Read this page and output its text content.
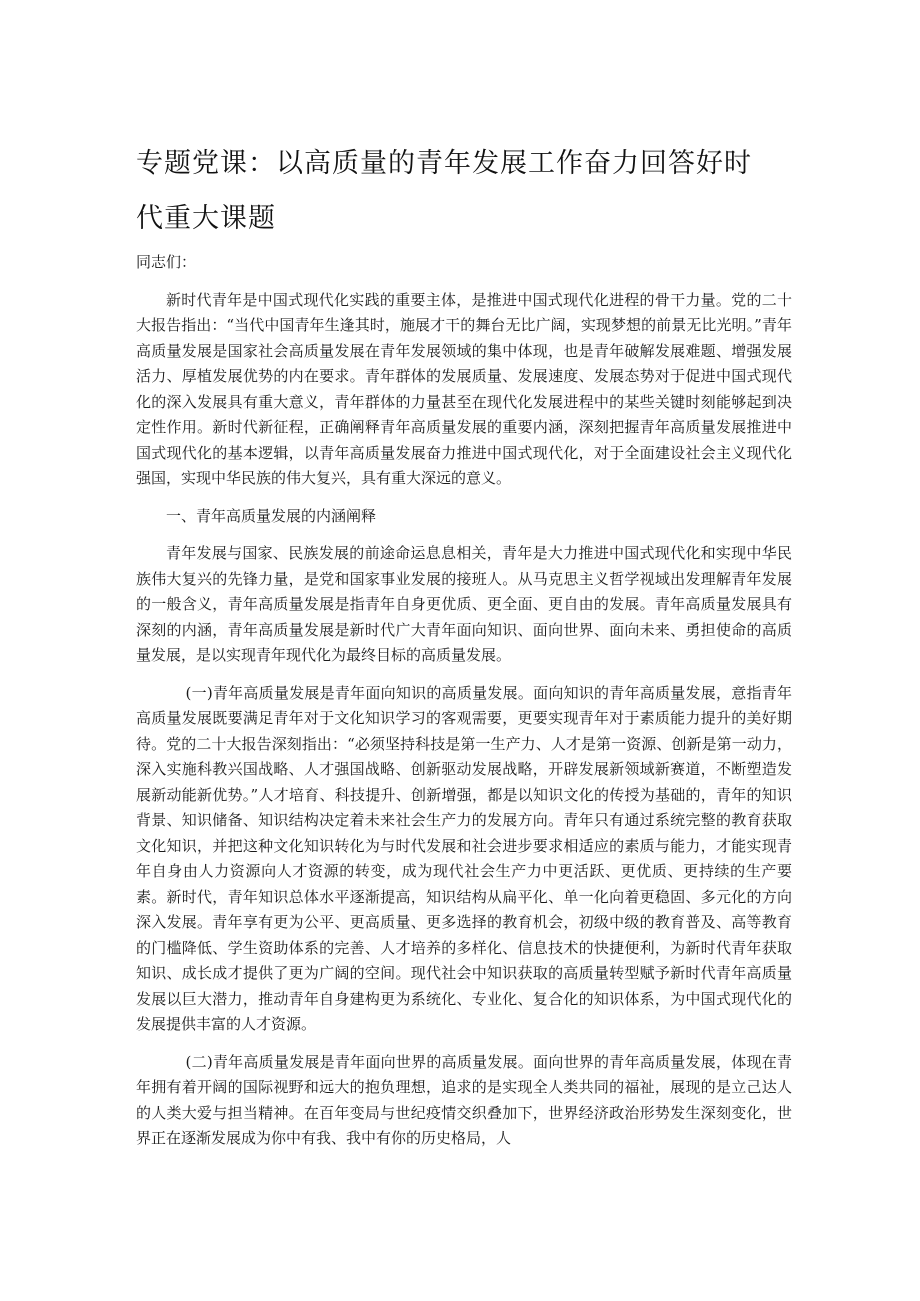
专题党课：以高质量的青年发展工作奋力回答好时
代重大课题

同志们：

新时代青年是中国式现代化实践的重要主体，是推进中国式现代化进程的骨干力量。党的二十大报告指出：“当代中国青年生逢其时，施展才干的舞台无比广阔，实现梦想的前景无比光明。”青年高质量发展是国家社会高质量发展在青年发展领域的集中体现，也是青年破解发展难题、增强发展活力、厚植发展优势的内在要求。青年群体的发展质量、发展速度、发展态势对于促进中国式现代化的深入发展具有重大意义，青年群体的力量甚至在现代化发展进程中的某些关键时刻能够起到决定性作用。新时代新征程，正确阐释青年高质量发展的重要内涵，深刻把握青年高质量发展推进中国式现代化的基本逻辑，以青年高质量发展奋力推进中国式现代化，对于全面建设社会主义现代化强国，实现中华民族的伟大复兴，具有重大深远的意义。

一、青年高质量发展的内涵阐释

青年发展与国家、民族发展的前途命运息息相关，青年是大力推进中国式现代化和实现中华民族伟大复兴的先锋力量，是党和国家事业发展的接班人。从马克思主义哲学视域出发理解青年发展的一般含义，青年高质量发展是指青年自身更优质、更全面、更自由的发展。青年高质量发展具有深刻的内涵，青年高质量发展是新时代广大青年面向知识、面向世界、面向未来、勇担使命的高质量发展，是以实现青年现代化为最终目标的高质量发展。

(一)青年高质量发展是青年面向知识的高质量发展。面向知识的青年高质量发展，意指青年高质量发展既要满足青年对于文化知识学习的客观需要，更要实现青年对于素质能力提升的美好期待。党的二十大报告深刻指出：“必须坚持科技是第一生产力、人才是第一资源、创新是第一动力，深入实施科教兴国战略、人才强国战略、创新驱动发展战略，开辟发展新领域新赛道，不断塑造发展新动能新优势。”人才培育、科技提升、创新增强，都是以知识文化的传授为基础的，青年的知识背景、知识储备、知识结构决定着未来社会生产力的发展方向。青年只有通过系统完整的教育获取文化知识，并把这种文化知识转化为与时代发展和社会进步要求相适应的素质与能力，才能实现青年自身由人力资源向人才资源的转变，成为现代社会生产力中更活跃、更优质、更持续的生产要素。新时代，青年知识总体水平逐渐提高，知识结构从扁平化、单一化向着更稳固、多元化的方向深入发展。青年享有更为公平、更高质量、更多选择的教育机会，初级中级的教育普及、高等教育的门槛降低、学生资助体系的完善、人才培养的多样化、信息技术的快捷便利，为新时代青年获取知识、成长成才提供了更为广阔的空间。现代社会中知识获取的高质量转型赋予新时代青年高质量发展以巨大潜力，推动青年自身建构更为系统化、专业化、复合化的知识体系，为中国式现代化的发展提供丰富的人才资源。

(二)青年高质量发展是青年面向世界的高质量发展。面向世界的青年高质量发展，体现在青年拥有着开阔的国际视野和远大的抱负理想，追求的是实现全人类共同的福祉，展现的是立己达人的人类大爱与担当精神。在百年变局与世纪疫情交织叠加下，世界经济政治形势发生深刻变化，世界正在逐渐发展成为你中有我、我中有你的历史格局，人
